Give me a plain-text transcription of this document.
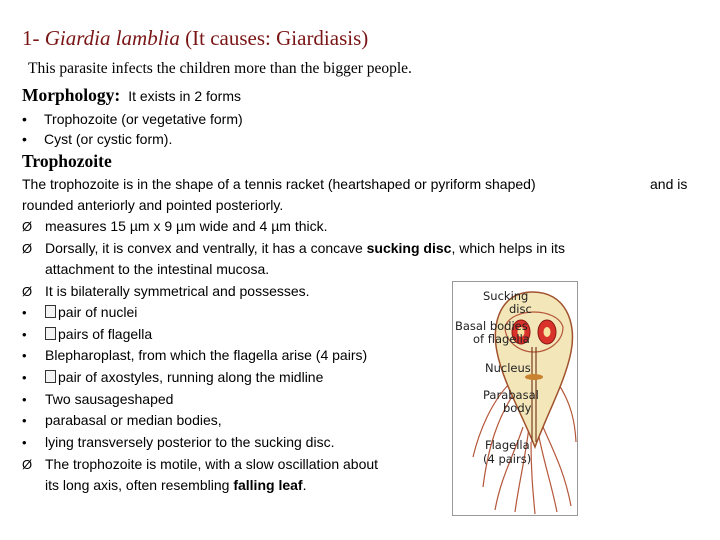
1- Giardia lamblia (It causes: Giardiasis)
This parasite infects the children more than the bigger people.
Morphology: It exists in 2 forms
• Trophozoite (or vegetative form)
• Cyst (or cystic form).
Trophozoite
The trophozoite is in the shape of a tennis racket (heartshaped or pyriform shaped)	and is
rounded anteriorly and pointed posteriorly.
Ø measures 15 µm x 9 µm wide and 4 µm thick.
Ø Dorsally, it is convex and ventrally, it has a concave sucking disc, which helps in its
attachment to the intestinal mucosa.
Ø It is bilaterally symmetrical and possesses.
• pair of nuclei
• pairs of flagella
• Blepharoplast, from which the flagella arise (4 pairs)
• pair of axostyles, running along the midline
• Two sausageshaped
• parabasal or median bodies,
• lying transversely posterior to the sucking disc.
Ø The trophozoite is motile, with a slow oscillation about
its long axis, often resembling falling leaf.
Sucking
disc
Basal bodies
of flagella
Nucleus
Parabasal
body
Flagella
(4 pairs)
